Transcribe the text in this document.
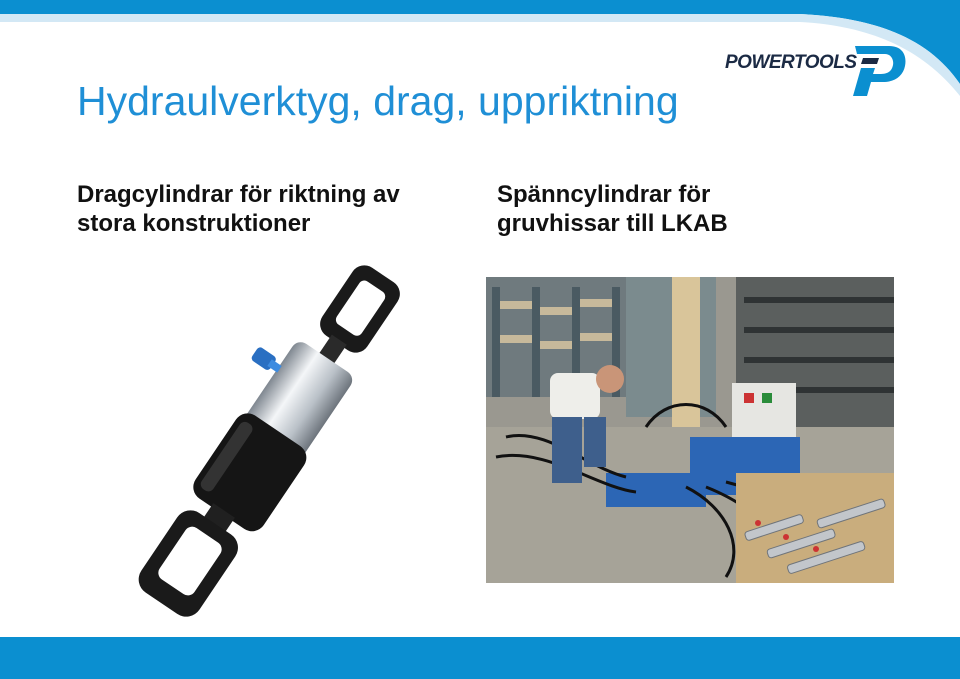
Hydraulverktyg, drag, uppriktning
POWERTOOLS
Dragcylindrar för riktning av
stora konstruktioner
Spänncylindrar för
gruvhissar till LKAB
